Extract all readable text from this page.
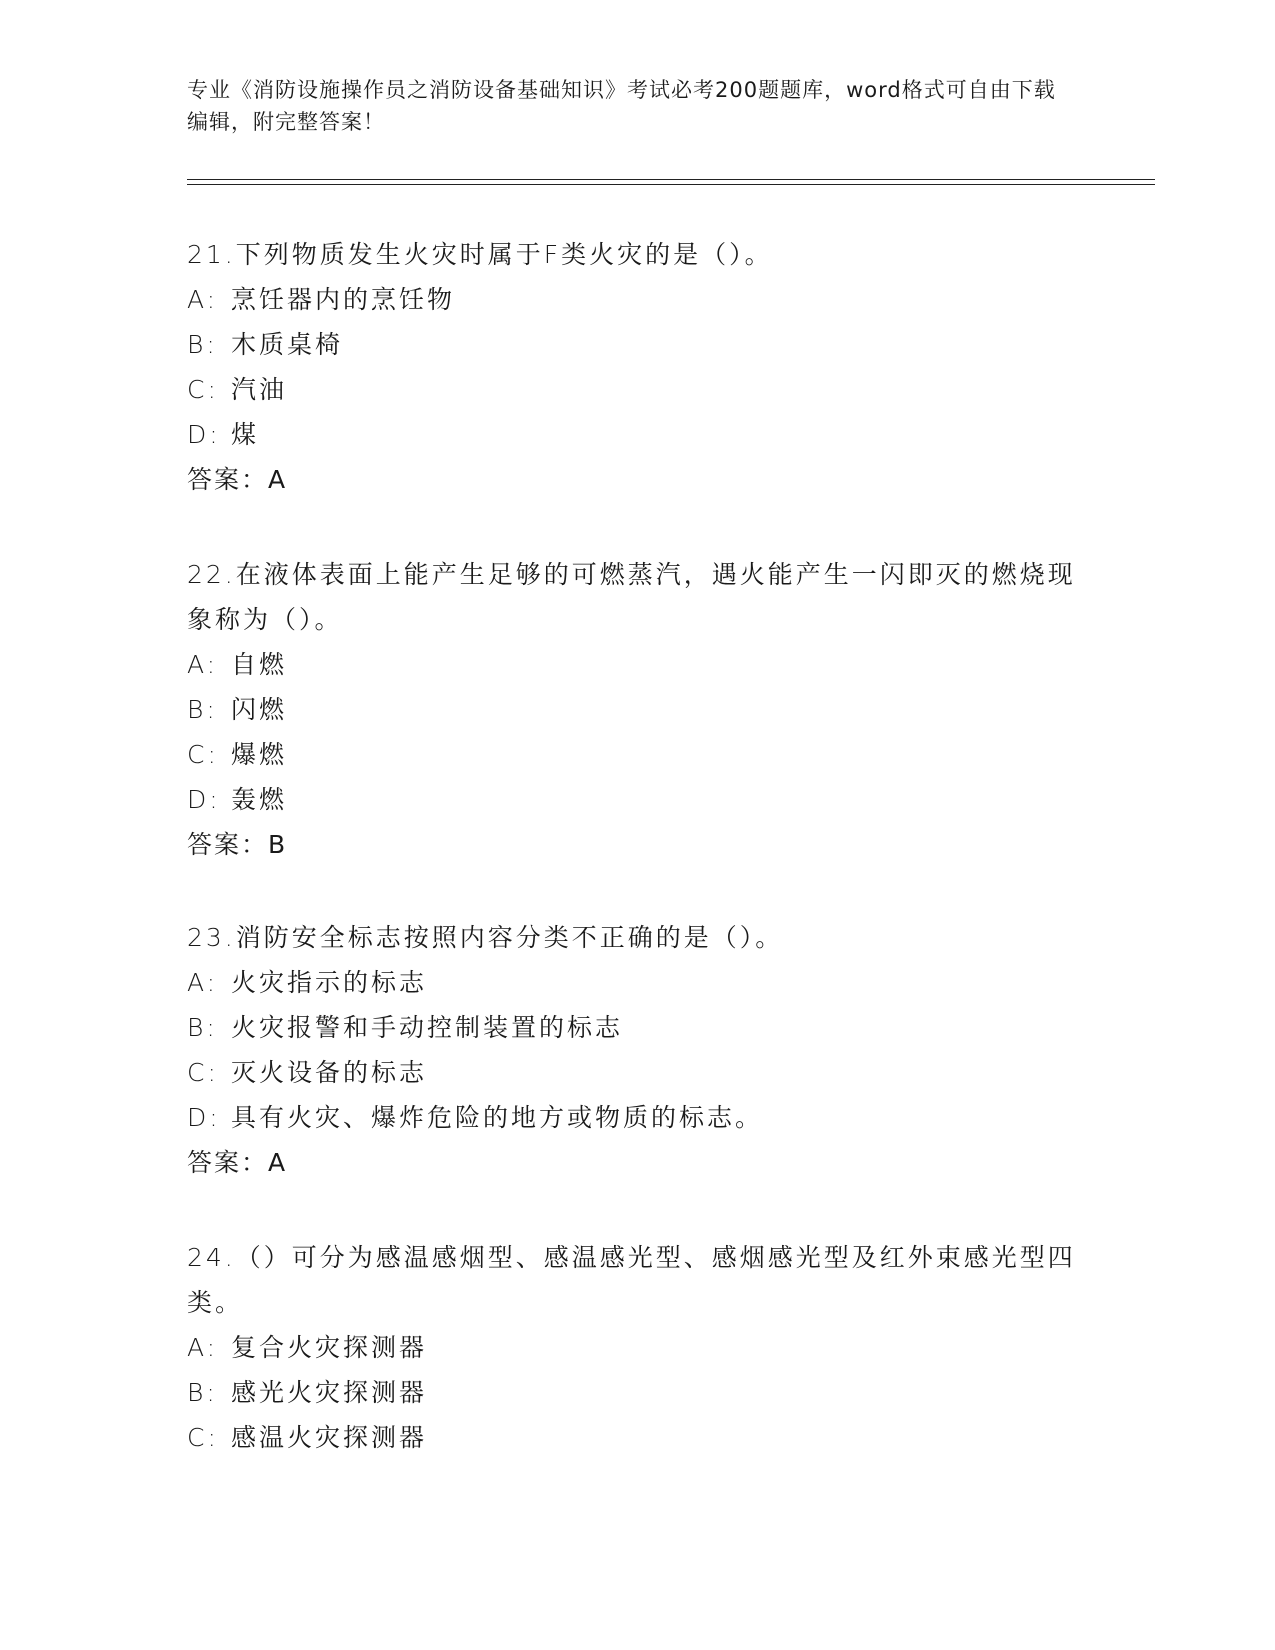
专业《消防设施操作员之消防设备基础知识》考试必考200题题库，word格式可自由下载编辑，附完整答案！

21.下列物质发生火灾时属于F类火灾的是（）。

A: 烹饪器内的烹饪物

B: 木质桌椅

C: 汽油

D: 煤

答案：A

22.在液体表面上能产生足够的可燃蒸汽，遇火能产生一闪即灭的燃烧现象称为（）。

A: 自燃

B: 闪燃

C: 爆燃

D: 轰燃

答案：B

23.消防安全标志按照内容分类不正确的是（）。

A: 火灾指示的标志

B: 火灾报警和手动控制装置的标志

C: 灭火设备的标志

D: 具有火灾、爆炸危险的地方或物质的标志。

答案：A

24.（）可分为感温感烟型、感温感光型、感烟感光型及红外束感光型四类。

A: 复合火灾探测器

B: 感光火灾探测器

C: 感温火灾探测器
